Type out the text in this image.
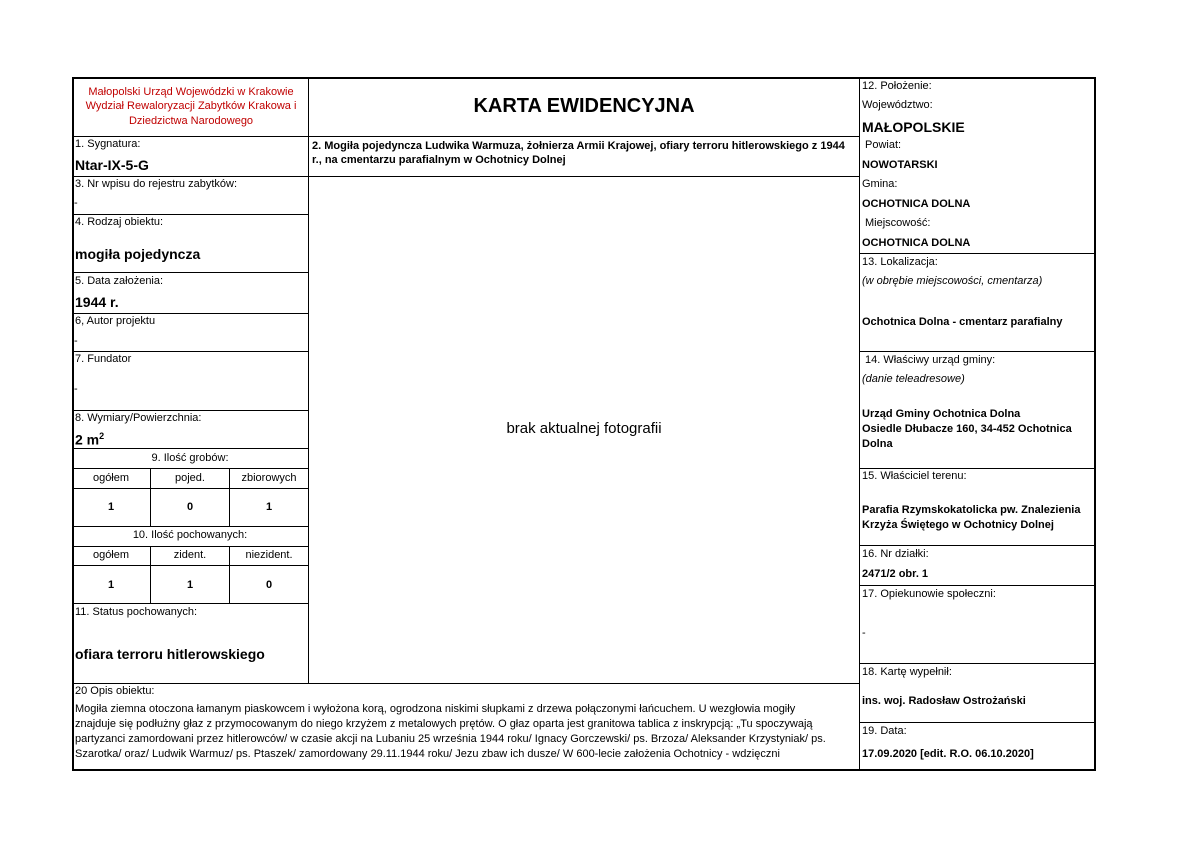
Małopolski Urząd Wojewódzki w Krakowie Wydział Rewaloryzacji Zabytków Krakowa i Dziedzictwa Narodowego
KARTA EWIDENCYJNA
1. Sygnatura:
Ntar-IX-5-G
3. Nr wpisu do rejestru zabytków:
-
4. Rodzaj obiektu:
mogiła pojedyncza
5. Data założenia:
1944 r.
6, Autor projektu
-
7. Fundator
-
8. Wymiary/Powierzchnia:
2 $m^2$
9. Ilość grobów:
ogółem	pojed.	zbiorowych
1	0	1
10. Ilość pochowanych:
ogółem	zident.	niezident.
1	1	0
11. Status pochowanych:
ofiara terroru hitlerowskiego
2. Mogiła pojedyncza Ludwika Warmuza, żołnierza Armii Krajowej, ofiary terroru hitlerowskiego z 1944 r., na cmentarzu parafialnym w Ochotnicy Dolnej
brak aktualnej fotografii
20 Opis obiektu:
Mogiła ziemna otoczona łamanym piaskowcem i wyłożona korą, ogrodzona niskimi słupkami z drzewa połączonymi łańcuchem. U wezgłowia mogiły
znajduje się podłużny głaz z przymocowanym do niego krzyżem z metalowych prętów. O głaz oparta jest granitowa tablica z inskrypcją: „Tu spoczywają
partyzanci zamordowani przez hitlerowców/ w czasie akcji na Lubaniu 25 września 1944 roku/ Ignacy Gorczewski/ ps. Brzoza/ Aleksander Krzystyniak/ ps.
Szarotka/ oraz/ Ludwik Warmuz/ ps. Ptaszek/ zamordowany 29.11.1944 roku/ Jezu zbaw ich dusze/ W 600-lecie założenia Ochotnicy - wdzięczni
12. Położenie:
Województwo:
MAŁOPOLSKIE
Powiat:
NOWOTARSKI
Gmina:
OCHOTNICA DOLNA
Miejscowość:
OCHOTNICA DOLNA
13. Lokalizacja:
(w obrębie miejscowości, cmentarza)
Ochotnica Dolna - cmentarz parafialny
14. Właściwy urząd gminy:
(danie teleadresowe)
Urząd Gminy Ochotnica Dolna
Osiedle Dłubacze 160, 34-452 Ochotnica
Dolna
15. Właściciel terenu:
Parafia Rzymskokatolicka pw. Znalezienia
Krzyża Świętego w Ochotnicy Dolnej
16. Nr działki:
2471/2 obr. 1
17. Opiekunowie społeczni:
-
18. Kartę wypełnił:
ins. woj. Radosław Ostrożański
19. Data:
17.09.2020 [edit. R.O. 06.10.2020]
